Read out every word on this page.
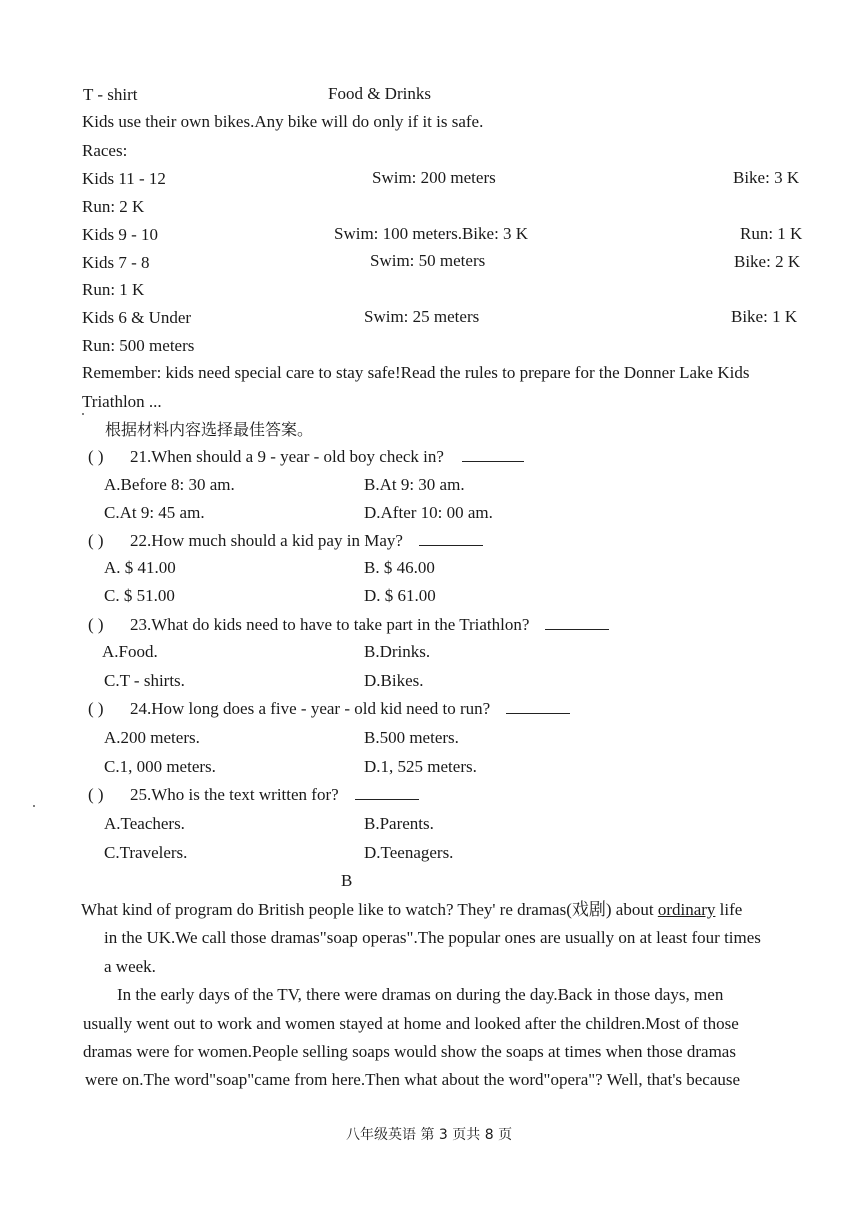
T - shirt	Food & Drinks
Kids use their own bikes.Any bike will do only if it is safe.
Races:
Kids 11 - 12	Swim: 200 meters	Bike: 3 K
Run: 2 K
Kids 9 - 10	Swim: 100 meters.Bike: 3 K	Run: 1 K
Kids 7 - 8	Swim: 50 meters	Bike: 2 K
Run: 1 K
Kids 6 & Under	Swim: 25 meters	Bike: 1 K
Run: 500 meters
Remember: kids need special care to stay safe!Read the rules to prepare for the Donner Lake Kids
Triathlon ...
根据材料内容选择最佳答案。
( ) 21.When should a 9 - year - old boy check in?
A.Before 8: 30 am.	B.At 9: 30 am.
C.At 9: 45 am.	D.After 10: 00 am.
( ) 22.How much should a kid pay in May?
A. $ 41.00	B. $ 46.00
C. $ 51.00	D. $ 61.00
( ) 23.What do kids need to have to take part in the Triathlon?
A.Food.	B.Drinks.
C.T - shirts.	D.Bikes.
( ) 24.How long does a five - year - old kid need to run?
A.200 meters.	B.500 meters.
C.1, 000 meters.	D.1, 525 meters.
( ) 25.Who is the text written for?
A.Teachers.	B.Parents.
C.Travelers.	D.Teenagers.
B
What kind of program do British people like to watch? They' re dramas(戏剧) about ordinary life
in the UK.We call those dramas"soap operas".The popular ones are usually on at least four times
a week.
In the early days of the TV, there were dramas on during the day.Back in those days, men
usually went out to work and women stayed at home and looked after the children.Most of those
dramas were for women.People selling soaps would show the soaps at times when those dramas
were on.The word"soap"came from here.Then what about the word"opera"? Well, that's because
八年级英语 第 3 页共 8 页
